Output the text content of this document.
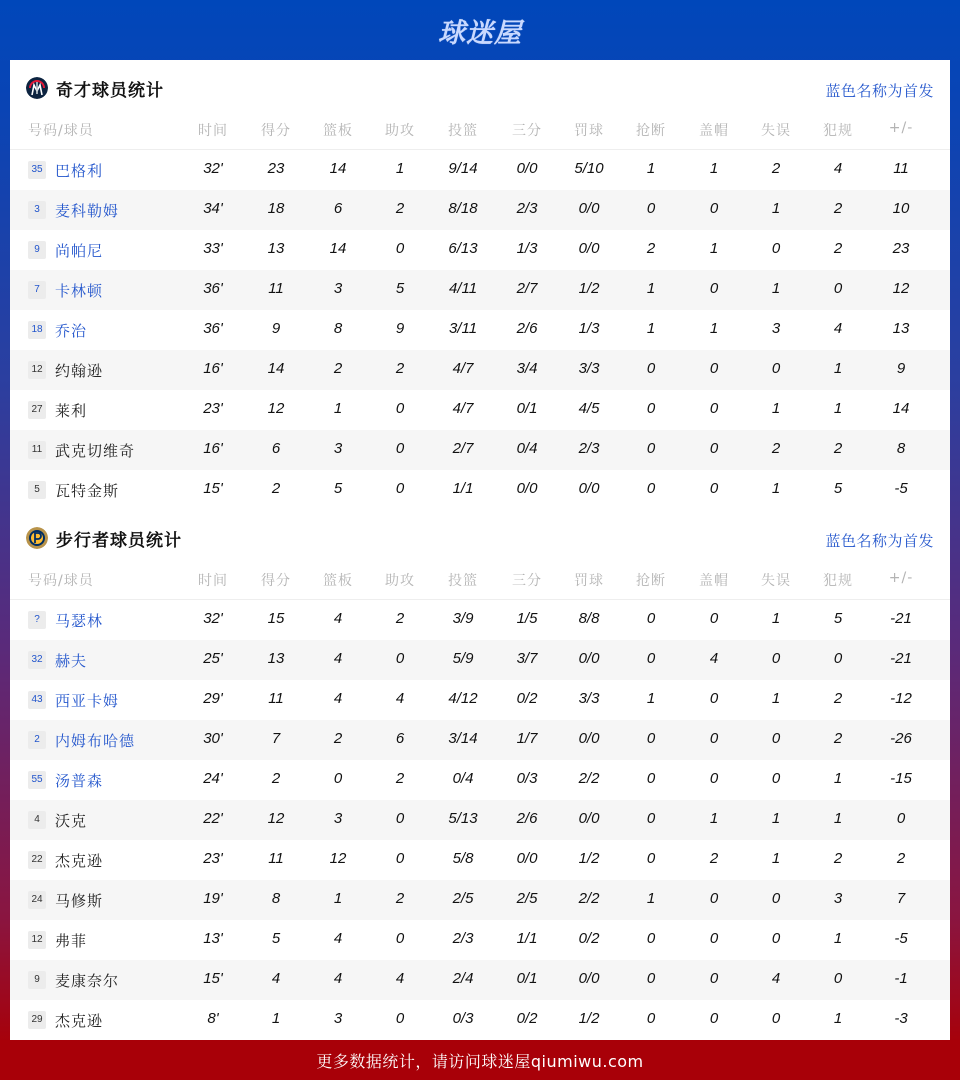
球迷屋
奇才球员统计	蓝色名称为首发
号码/球员	时间	得分	篮板	助攻	投篮	三分	罚球	抢断	盖帽	失误	犯规	+/-
35 巴格利	32'	23	14	1	9/14	0/0	5/10	1	1	2	4	11
3	麦科勒姆	34'	18	6	2	8/18	2/3	0/0	0	0	1	2	10
9	尚帕尼	33'	13	14	0	6/13	1/3	0/0	2	1	0	2	23
7	卡林顿	36'	11	3	5	4/11	2/7	1/2	1	0	1	0	12
18 乔治	36'	9	8	9	3/11	2/6	1/3	1	1	3	4	13
12 约翰逊	16'	14	2	2	4/7	3/4	3/3	0	0	0	1	9
27 莱利	23'	12	1	0	4/7	0/1	4/5	0	0	1	1	14
11 武克切维奇	16'	6	3	0	2/7	0/4	2/3	0	0	2	2	8
5	瓦特金斯	15'	2	5	0	1/1	0/0	0/0	0	0	1	5	-5
步行者球员统计	蓝色名称为首发
号码/球员	时间	得分	篮板	助攻	投篮	三分	罚球	抢断	盖帽	失误	犯规	+/-
?	马瑟林	32'	15	4	2	3/9	1/5	8/8	0	0	1	5	-21
32 赫夫	25'	13	4	0	5/9	3/7	0/0	0	4	0	0	-21
43 西亚卡姆	29'	11	4	4	4/12	0/2	3/3	1	0	1	2	-12
2	内姆布哈德	30'	7	2	6	3/14	1/7	0/0	0	0	0	2	-26
55 汤普森	24'	2	0	2	0/4	0/3	2/2	0	0	0	1	-15
4	沃克	22'	12	3	0	5/13	2/6	0/0	0	1	1	1	0
22 杰克逊	23'	11	12	0	5/8	0/0	1/2	0	2	1	2	2
24 马修斯	19'	8	1	2	2/5	2/5	2/2	1	0	0	3	7
12 弗菲	13'	5	4	0	2/3	1/1	0/2	0	0	0	1	-5
9	麦康奈尔	15'	4	4	4	2/4	0/1	0/0	0	0	4	0	-1
29 杰克逊	8'	1	3	0	0/3	0/2	1/2	0	0	0	1	-3
更多数据统计，请访问球迷屋qiumiwu.com
